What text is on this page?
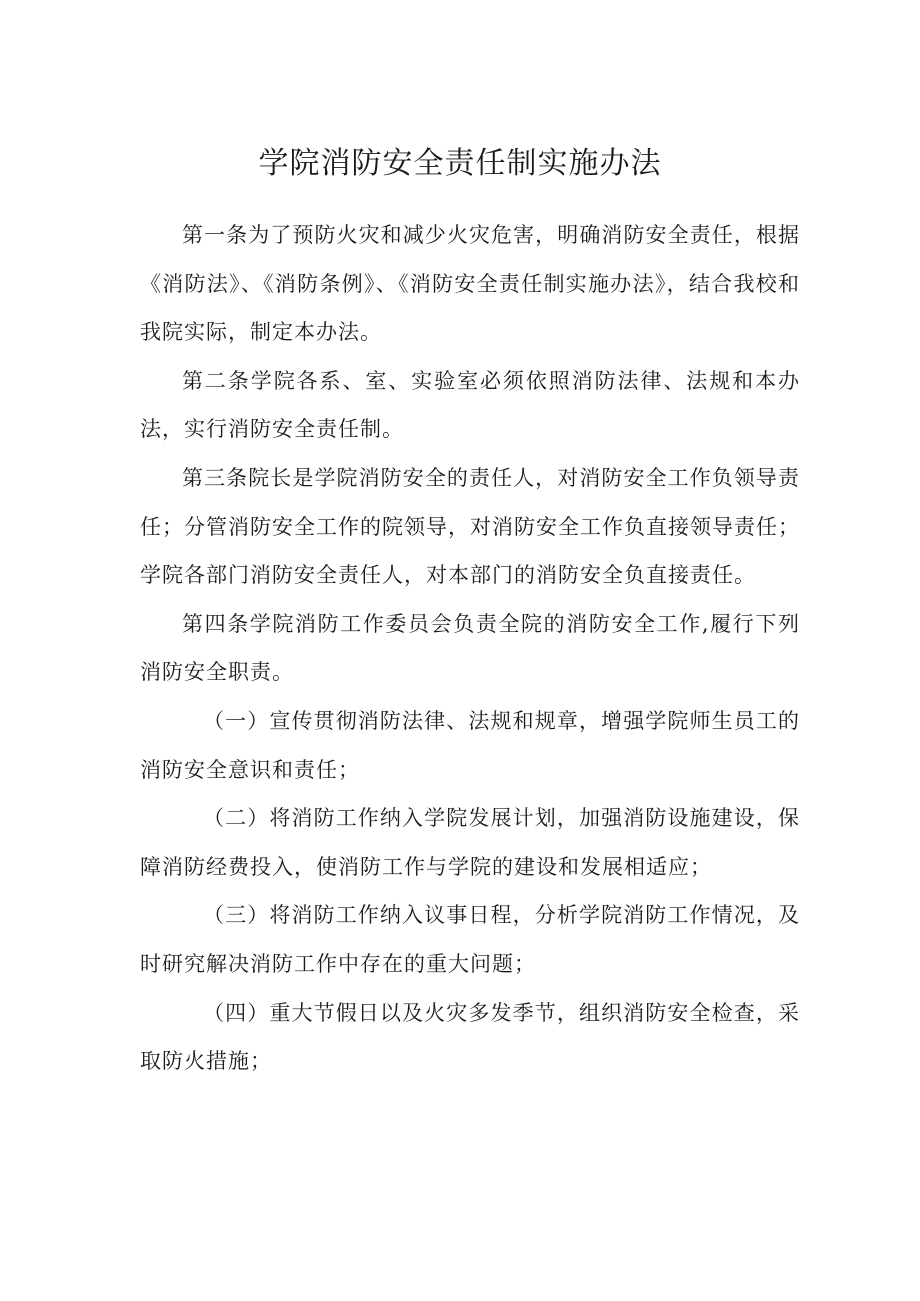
学院消防安全责任制实施办法

第一条为了预防火灾和减少火灾危害，明确消防安全责任，根据《消防法》、《消防条例》、《消防安全责任制实施办法》，结合我校和我院实际，制定本办法。

第二条学院各系、室、实验室必须依照消防法律、法规和本办法，实行消防安全责任制。

第三条院长是学院消防安全的责任人，对消防安全工作负领导责任；分管消防安全工作的院领导，对消防安全工作负直接领导责任；学院各部门消防安全责任人，对本部门的消防安全负直接责任。

第四条学院消防工作委员会负责全院的消防安全工作,履行下列消防安全职责。

（一）宣传贯彻消防法律、法规和规章，增强学院师生员工的消防安全意识和责任；

（二）将消防工作纳入学院发展计划，加强消防设施建设，保障消防经费投入，使消防工作与学院的建设和发展相适应；

（三）将消防工作纳入议事日程，分析学院消防工作情况，及时研究解决消防工作中存在的重大问题；

（四）重大节假日以及火灾多发季节，组织消防安全检查，采取防火措施；
